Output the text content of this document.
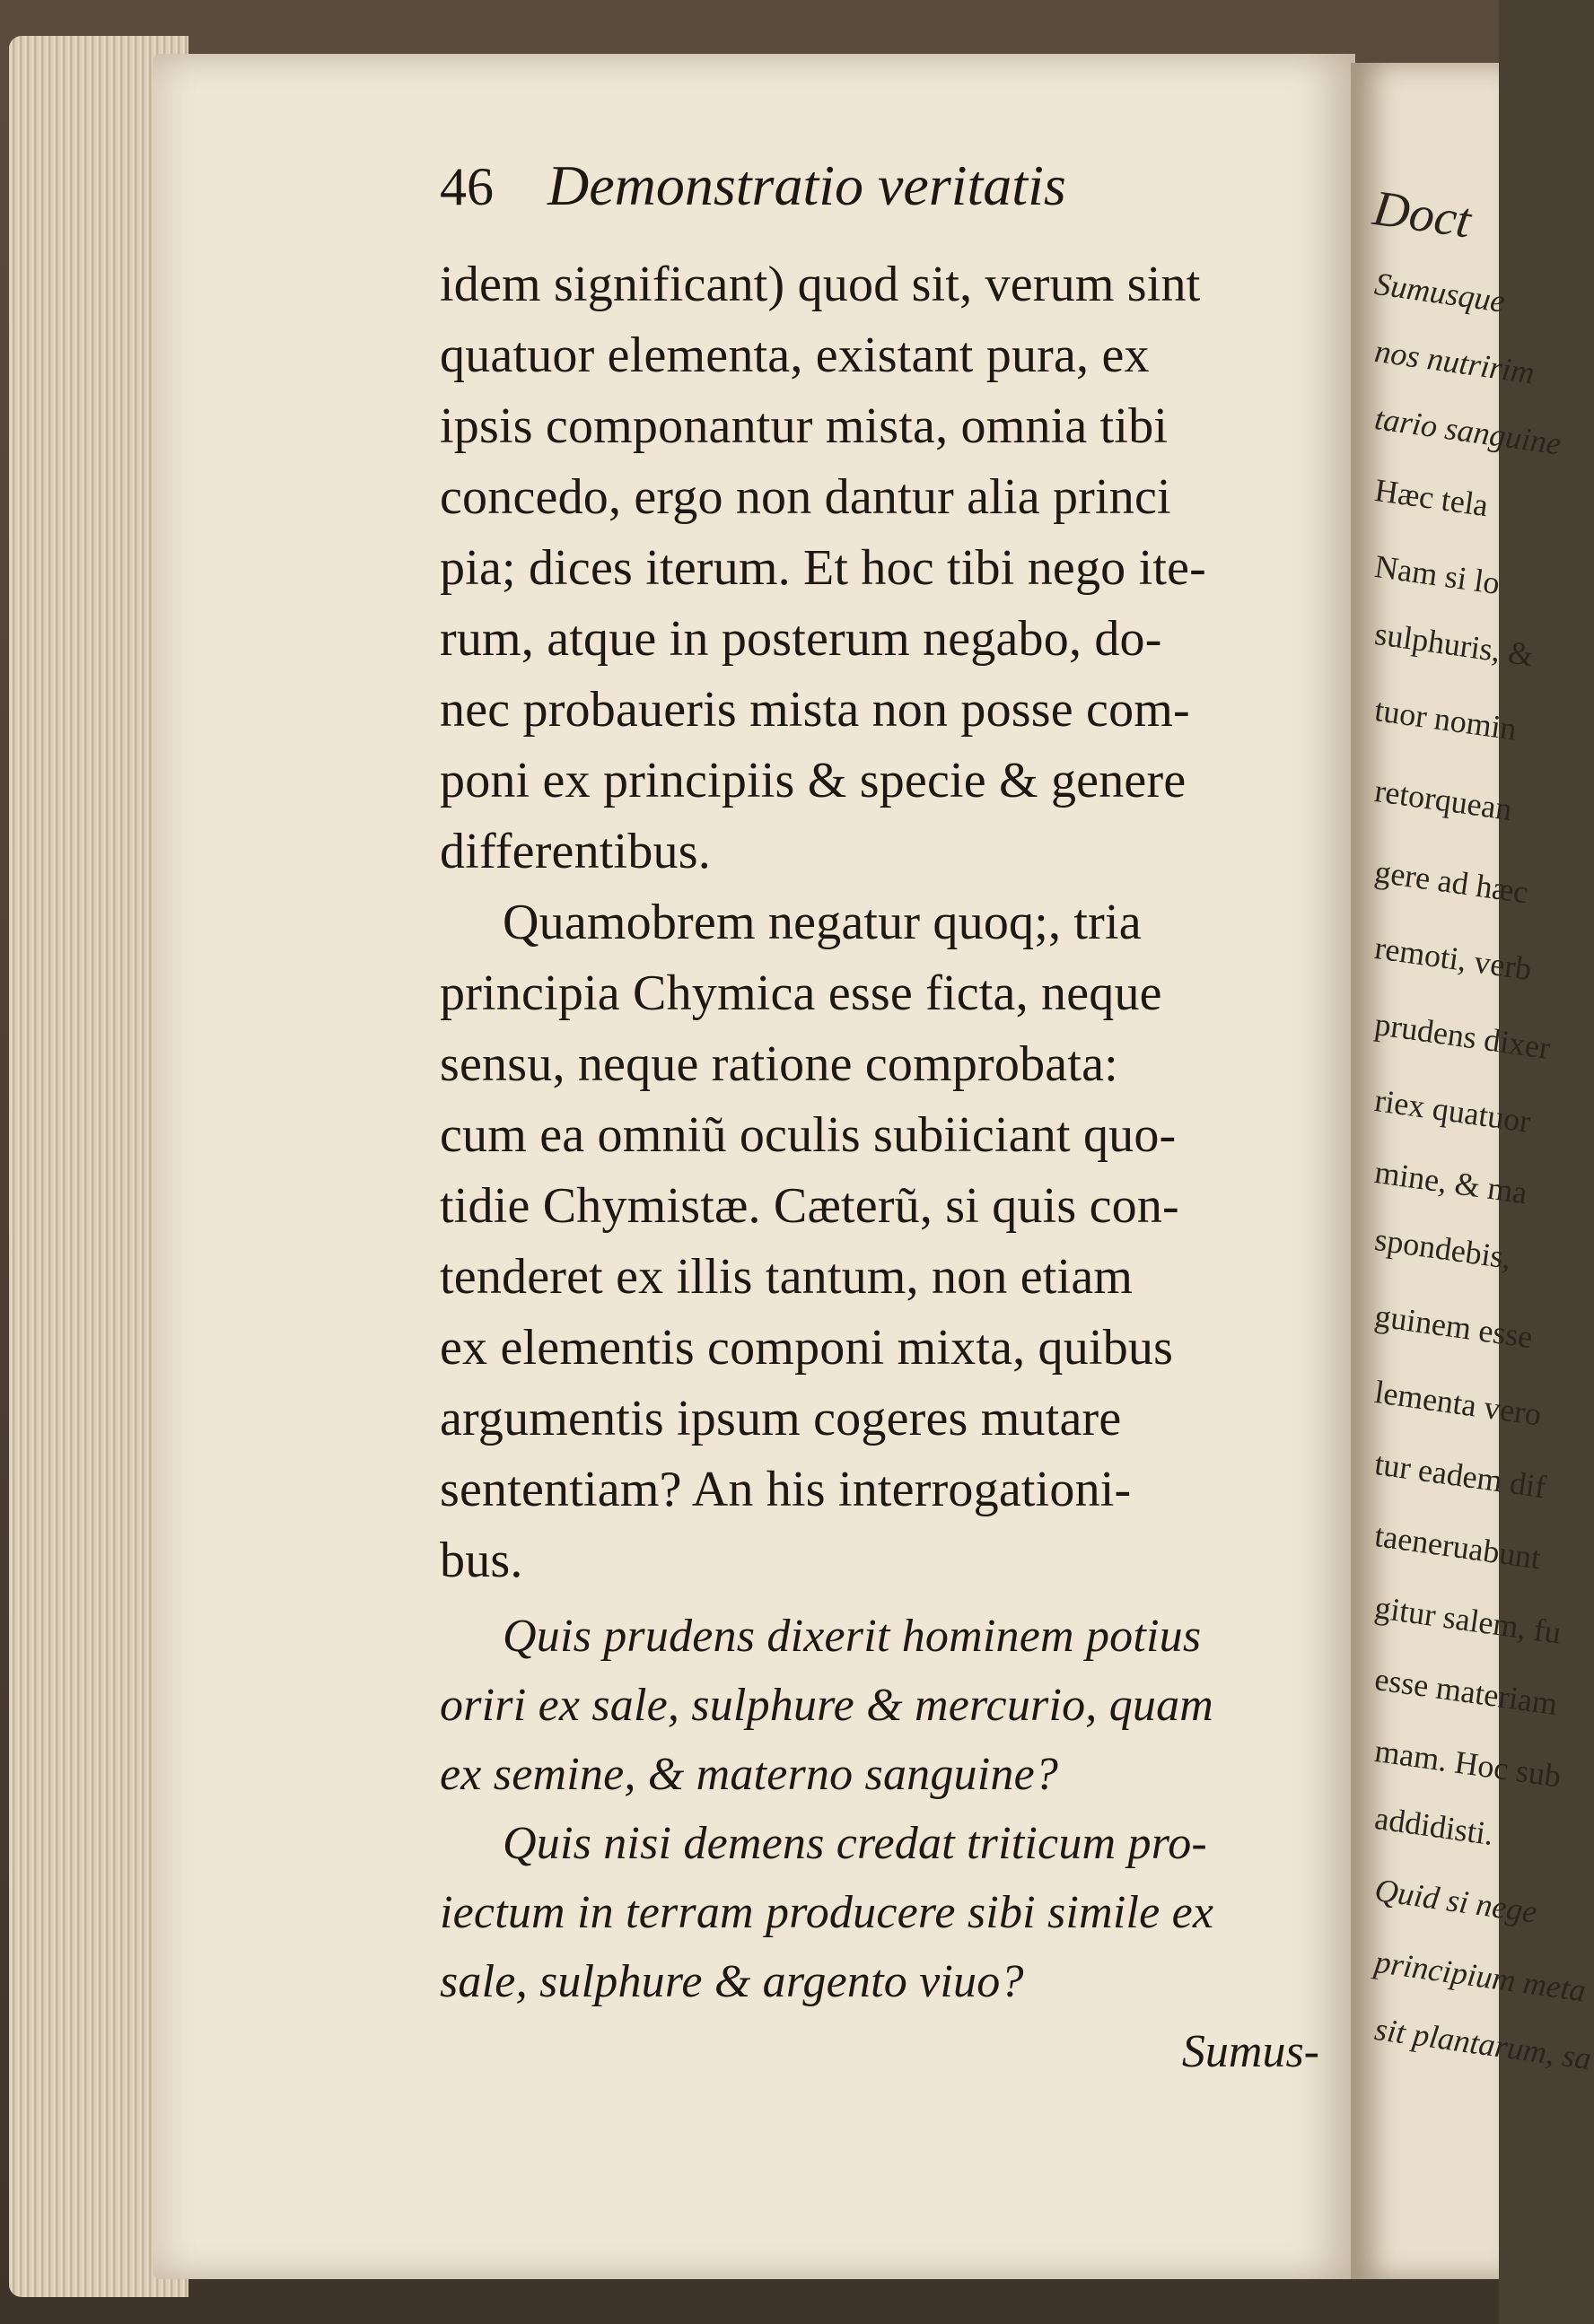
Doct
Sumusque
nos nutririm
tario sanguine
Hæc tela
Nam si lo
sulphuris, &
tuor nomin
retorquean
gere ad hæc
remoti, verb
prudens dixer
riex quatuor
mine, & ma
spondebis,
guinem esse
lementa vero
tur eadem dif
taeneruabunt
gitur salem, fu
esse materiam
mam. Hoc sub
addidisti.
Quid si nege
principium meta
sit plantarum, sa
46 Demonstratio veritatis
idem significant) quod sit, verum sint
quatuor elementa, existant pura, ex
ipsis componantur mista, omnia tibi
concedo, ergo non dantur alia princi
pia; dices iterum. Et hoc tibi nego ite-
rum, atque in posterum negabo, do-
nec probaueris mista non posse com-
poni ex principiis & specie & genere
differentibus.
Quamobrem negatur quoq;, tria
principia Chymica esse ficta, neque
sensu, neque ratione comprobata:
cum ea omniũ oculis subiiciant quo-
tidie Chymistæ. Cæterũ, si quis con-
tenderet ex illis tantum, non etiam
ex elementis componi mixta, quibus
argumentis ipsum cogeres mutare
sententiam? An his interrogationi-
bus.
Quis prudens dixerit hominem potius
oriri ex sale, sulphure & mercurio, quam
ex semine, & materno sanguine?
Quis nisi demens credat triticum pro-
iectum in terram producere sibi simile ex
sale, sulphure & argento viuo?
Sumus-
